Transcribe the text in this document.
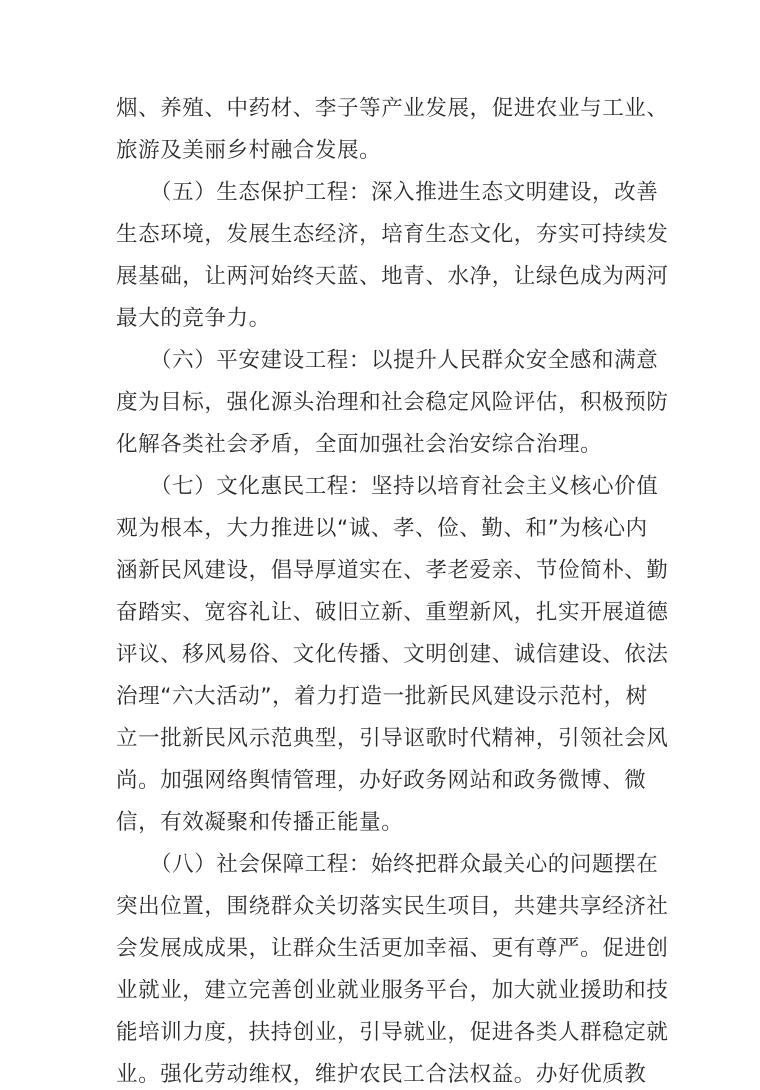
烟、养殖、中药材、李子等产业发展，促进农业与工业、
旅游及美丽乡村融合发展。
（五）生态保护工程：深入推进生态文明建设，改善
生态环境，发展生态经济，培育生态文化，夯实可持续发
展基础，让两河始终天蓝、地青、水净，让绿色成为两河
最大的竞争力。
（六）平安建设工程：以提升人民群众安全感和满意
度为目标，强化源头治理和社会稳定风险评估，积极预防
化解各类社会矛盾，全面加强社会治安综合治理。
（七）文化惠民工程：坚持以培育社会主义核心价值
观为根本，大力推进以“诚、孝、俭、勤、和”为核心内
涵新民风建设，倡导厚道实在、孝老爱亲、节俭简朴、勤
奋踏实、宽容礼让、破旧立新、重塑新风，扎实开展道德
评议、移风易俗、文化传播、文明创建、诚信建设、依法
治理“六大活动”，着力打造一批新民风建设示范村，树
立一批新民风示范典型，引导讴歌时代精神，引领社会风
尚。加强网络舆情管理，办好政务网站和政务微博、微
信，有效凝聚和传播正能量。
（八）社会保障工程：始终把群众最关心的问题摆在
突出位置，围绕群众关切落实民生项目，共建共享经济社
会发展成成果，让群众生活更加幸福、更有尊严。促进创
业就业，建立完善创业就业服务平台，加大就业援助和技
能培训力度，扶持创业，引导就业，促进各类人群稳定就
业。强化劳动维权，维护农民工合法权益。办好优质教
